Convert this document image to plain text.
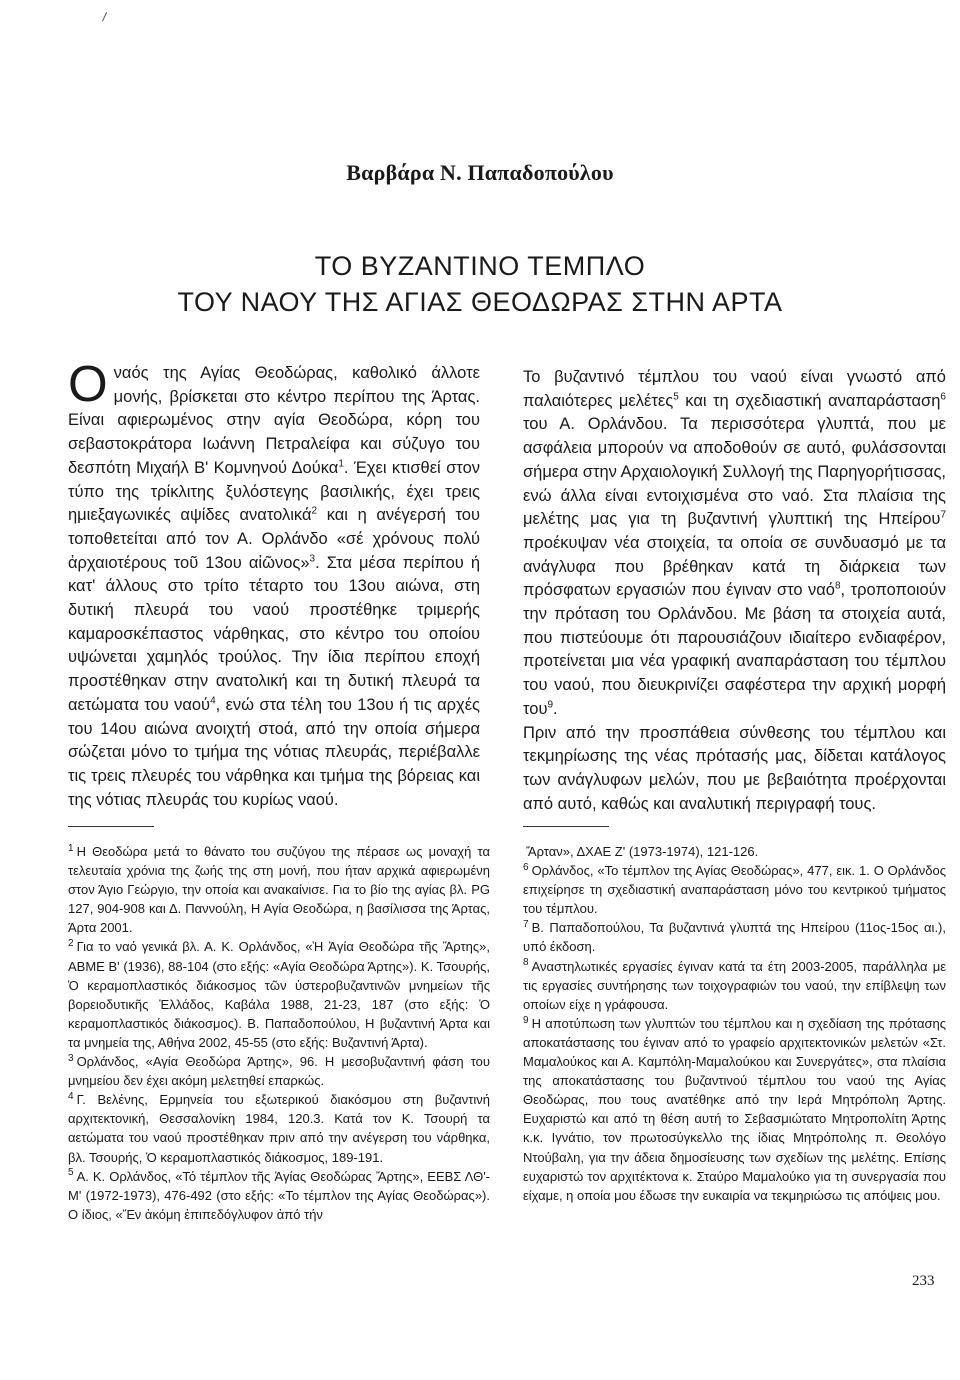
Βαρβάρα Ν. Παπαδοπούλου
ΤΟ ΒΥΖΑΝΤΙΝΟ ΤΕΜΠΛΟ
ΤΟΥ ΝΑΟΥ ΤΗΣ ΑΓΙΑΣ ΘΕΟΔΩΡΑΣ ΣΤΗΝ ΑΡΤΑ

Ο ναός της Αγίας Θεοδώρας, καθολικό άλλοτε μονής, βρίσκεται στο κέντρο περίπου της Άρτας. Είναι αφιερωμένος στην αγία Θεοδώρα, κόρη του σεβαστοκράτορα Ιωάννη Πετραλείφα και σύζυγο του δεσπότη Μιχαήλ Β' Κομνηνού Δούκα$^1$. Έχει κτισθεί στον τύπο της τρίκλιτης ξυλόστεγης βασιλικής, έχει τρεις ημιεξαγωνικές αψίδες ανατολικά$^2$ και η ανέγερσή του τοποθετείται από τον Α. Ορλάνδο «σέ χρόνους πολύ ἀρχαιοτέρους τοῦ 13ου αἰῶνος»$^3$. Στα μέσα περίπου ή κατ' άλλους στο τρίτο τέταρτο του 13ου αιώνα, στη δυτική πλευρά του ναού προστέθηκε τριμερής καμαροσκέπαστος νάρθηκας, στο κέντρο του οποίου υψώνεται χαμηλός τρούλος. Την ίδια περίπου εποχή προστέθηκαν στην ανατολική και τη δυτική πλευρά τα αετώματα του ναού$^4$, ενώ στα τέλη του 13ου ή τις αρχές του 14ου αιώνα ανοιχτή στοά, από την οποία σήμερα σώζεται μόνο το τμήμα της νότιας πλευράς, περιέβαλλε τις τρεις πλευρές του νάρθηκα και τμήμα της βόρειας και της νότιας πλευράς του κυρίως ναού.

Το βυζαντινό τέμπλου του ναού είναι γνωστό από παλαιότερες μελέτες$^5$ και τη σχεδιαστική αναπαράσταση$^6$ του Α. Ορλάνδου. Τα περισσότερα γλυπτά, που με ασφάλεια μπορούν να αποδοθούν σε αυτό, φυλάσσονται σήμερα στην Αρχαιολογική Συλλογή της Παρηγορήτισσας, ενώ άλλα είναι εντοιχισμένα στο ναό. Στα πλαίσια της μελέτης μας για τη βυζαντινή γλυπτική της Ηπείρου$^7$ προέκυψαν νέα στοιχεία, τα οποία σε συνδυασμό με τα ανάγλυφα που βρέθηκαν κατά τη διάρκεια των πρόσφατων εργασιών που έγιναν στο ναό$^8$, τροποποιούν την πρόταση του Ορλάνδου. Με βάση τα στοιχεία αυτά, που πιστεύουμε ότι παρουσιάζουν ιδιαίτερο ενδιαφέρον, προτείνεται μια νέα γραφική αναπαράσταση του τέμπλου του ναού, που διευκρινίζει σαφέστερα την αρχική μορφή του$^9$.

Πριν από την προσπάθεια σύνθεσης του τέμπλου και τεκμηρίωσης της νέας πρότασής μας, δίδεται κατάλογος των ανάγλυφων μελών, που με βεβαιότητα προέρχονται από αυτό, καθώς και αναλυτική περιγραφή τους.

$^1$ Η Θεοδώρα μετά το θάνατο του συζύγου της πέρασε ως μοναχή τα τελευταία χρόνια της ζωής της στη μονή, που ήταν αρχικά αφιερωμένη στον Άγιο Γεώργιο, την οποία και ανακαίνισε. Για το βίο της αγίας βλ. PG 127, 904-908 και Δ. Παννούλη, Η Αγία Θεοδώρα, η βασίλισσα της Άρτας, Άρτα 2001.

$^2$ Για το ναό γενικά βλ. Α. Κ. Ορλάνδος, «Ἡ Ἁγία Θεοδώρα τῆς Ἄρτης», ΑΒΜΕ Β' (1936), 88-104 (στο εξής: «Αγία Θεοδώρα Άρτης»). Κ. Τσουρής, Ὁ κεραμοπλαστικός διάκοσμος τῶν ὑστεροβυζαντινῶν μνημείων τῆς βορειοδυτικῆς Ἑλλάδος, Καβάλα 1988, 21-23, 187 (στο εξής: Ὁ κεραμοπλαστικός διάκοσμος). Β. Παπαδοπούλου, Η βυζαντινή Άρτα και τα μνημεία της, Αθήνα 2002, 45-55 (στο εξής: Βυζαντινή Άρτα).

$^3$ Ορλάνδος, «Αγία Θεοδώρα Άρτης», 96. Η μεσοβυζαντινή φάση του μνημείου δεν έχει ακόμη μελετηθεί επαρκώς.

$^4$ Γ. Βελένης, Ερμηνεία του εξωτερικού διακόσμου στη βυζαντινή αρχιτεκτονική, Θεσσαλονίκη 1984, 120.3. Κατά τον Κ. Τσουρή τα αετώματα του ναού προστέθηκαν πριν από την ανέγερση του νάρθηκα, βλ. Τσουρής, Ὁ κεραμοπλαστικός διάκοσμος, 189-191.

$^5$ Α. Κ. Ορλάνδος, «Τό τέμπλον τῆς Ἁγίας Θεοδώρας Ἄρτης», ΕΕΒΣ ΛΘ'-Μ' (1972-1973), 476-492 (στο εξής: «Το τέμπλον της Αγίας Θεοδώρας»). Ο ίδιος, «Ἔν ἀκόμη ἐπιπεδόγλυφον ἀπό τήν

Ἄρταν», ΔΧΑΕ Ζ' (1973-1974), 121-126.

$^6$ Ορλάνδος, «Το τέμπλον της Αγίας Θεοδώρας», 477, εικ. 1. Ο Ορλάνδος επιχείρησε τη σχεδιαστική αναπαράσταση μόνο του κεντρικού τμήματος του τέμπλου.

$^7$ Β. Παπαδοπούλου, Τα βυζαντινά γλυπτά της Ηπείρου (11ος-15ος αι.), υπό έκδοση.

$^8$ Αναστηλωτικές εργασίες έγιναν κατά τα έτη 2003-2005, παράλληλα με τις εργασίες συντήρησης των τοιχογραφιών του ναού, την επίβλεψη των οποίων είχε η γράφουσα.

$^9$ Η αποτύπωση των γλυπτών του τέμπλου και η σχεδίαση της πρότασης αποκατάστασης του έγιναν από το γραφείο αρχιτεκτονικών μελετών «Στ. Μαμαλούκος και Α. Καμπόλη-Μαμαλούκου και Συνεργάτες», στα πλαίσια της αποκατάστασης του βυζαντινού τέμπλου του ναού της Αγίας Θεοδώρας, που τους ανατέθηκε από την Ιερά Μητρόπολη Άρτης. Ευχαριστώ και από τη θέση αυτή το Σεβασμιώτατο Μητροπολίτη Άρτης κ.κ. Ιγνάτιο, τον πρωτοσύγκελλο της ίδιας Μητρόπολης π. Θεολόγο Ντούβαλη, για την άδεια δημοσίευσης των σχεδίων της μελέτης. Επίσης ευχαριστώ τον αρχιτέκτονα κ. Σταύρο Μαμαλούκο για τη συνεργασία που είχαμε, η οποία μου έδωσε την ευκαιρία να τεκμηριώσω τις απόψεις μου.

233
